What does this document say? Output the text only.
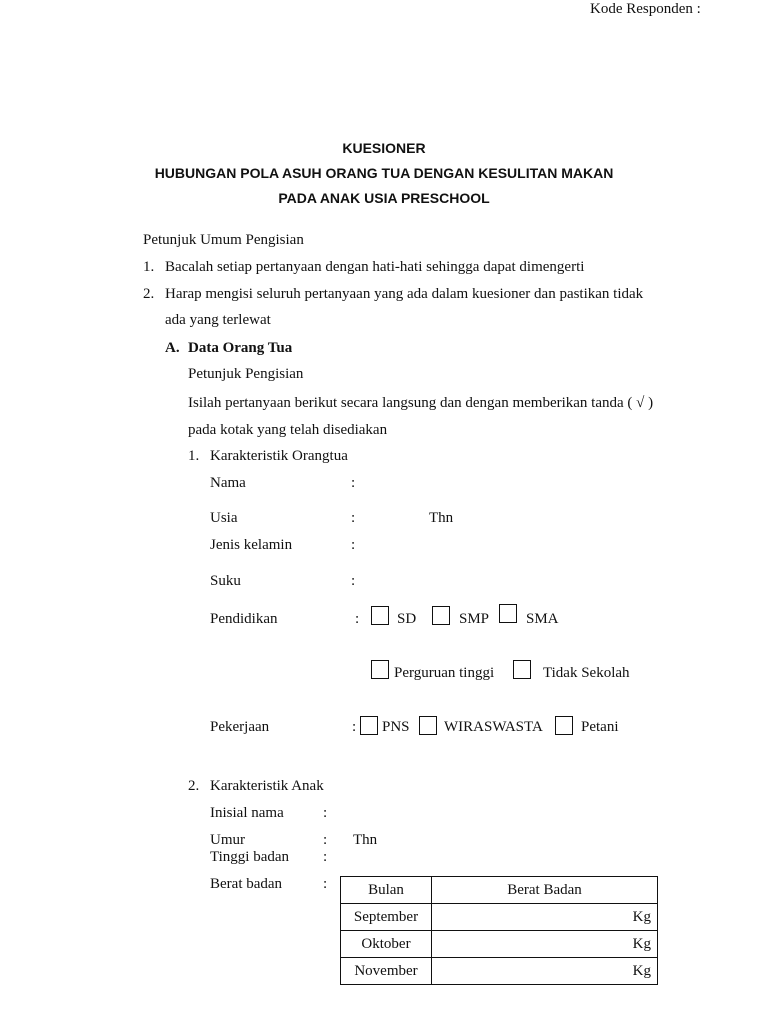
Kode Responden :
KUESIONER
HUBUNGAN POLA ASUH ORANG TUA DENGAN KESULITAN MAKAN
PADA ANAK USIA PRESCHOOL
Petunjuk Umum Pengisian
1. Bacalah setiap pertanyaan dengan hati-hati sehingga dapat dimengerti
2. Harap mengisi seluruh pertanyaan yang ada dalam kuesioner dan pastikan tidak
ada yang terlewat
A. Data Orang Tua
Petunjuk Pengisian
Isilah pertanyaan berikut secara langsung dan dengan memberikan tanda ( √ )
pada kotak yang telah disediakan
1. Karakteristik Orangtua
Nama	:
Usia	:	Thn
Jenis kelamin	:
Suku	:
Pendidikan	:	SD	SMP SMA
Perguruan tinggi	Tidak Sekolah
Pekerjaan	: PNS WIRASWASTA	Petani
2. Karakteristik Anak
Inisial nama	:
Umur	: Thn
Tinggi badan :
Berat badan	:	Bulan	Berat Badan
September	Kg
Oktober	Kg
November	Kg
